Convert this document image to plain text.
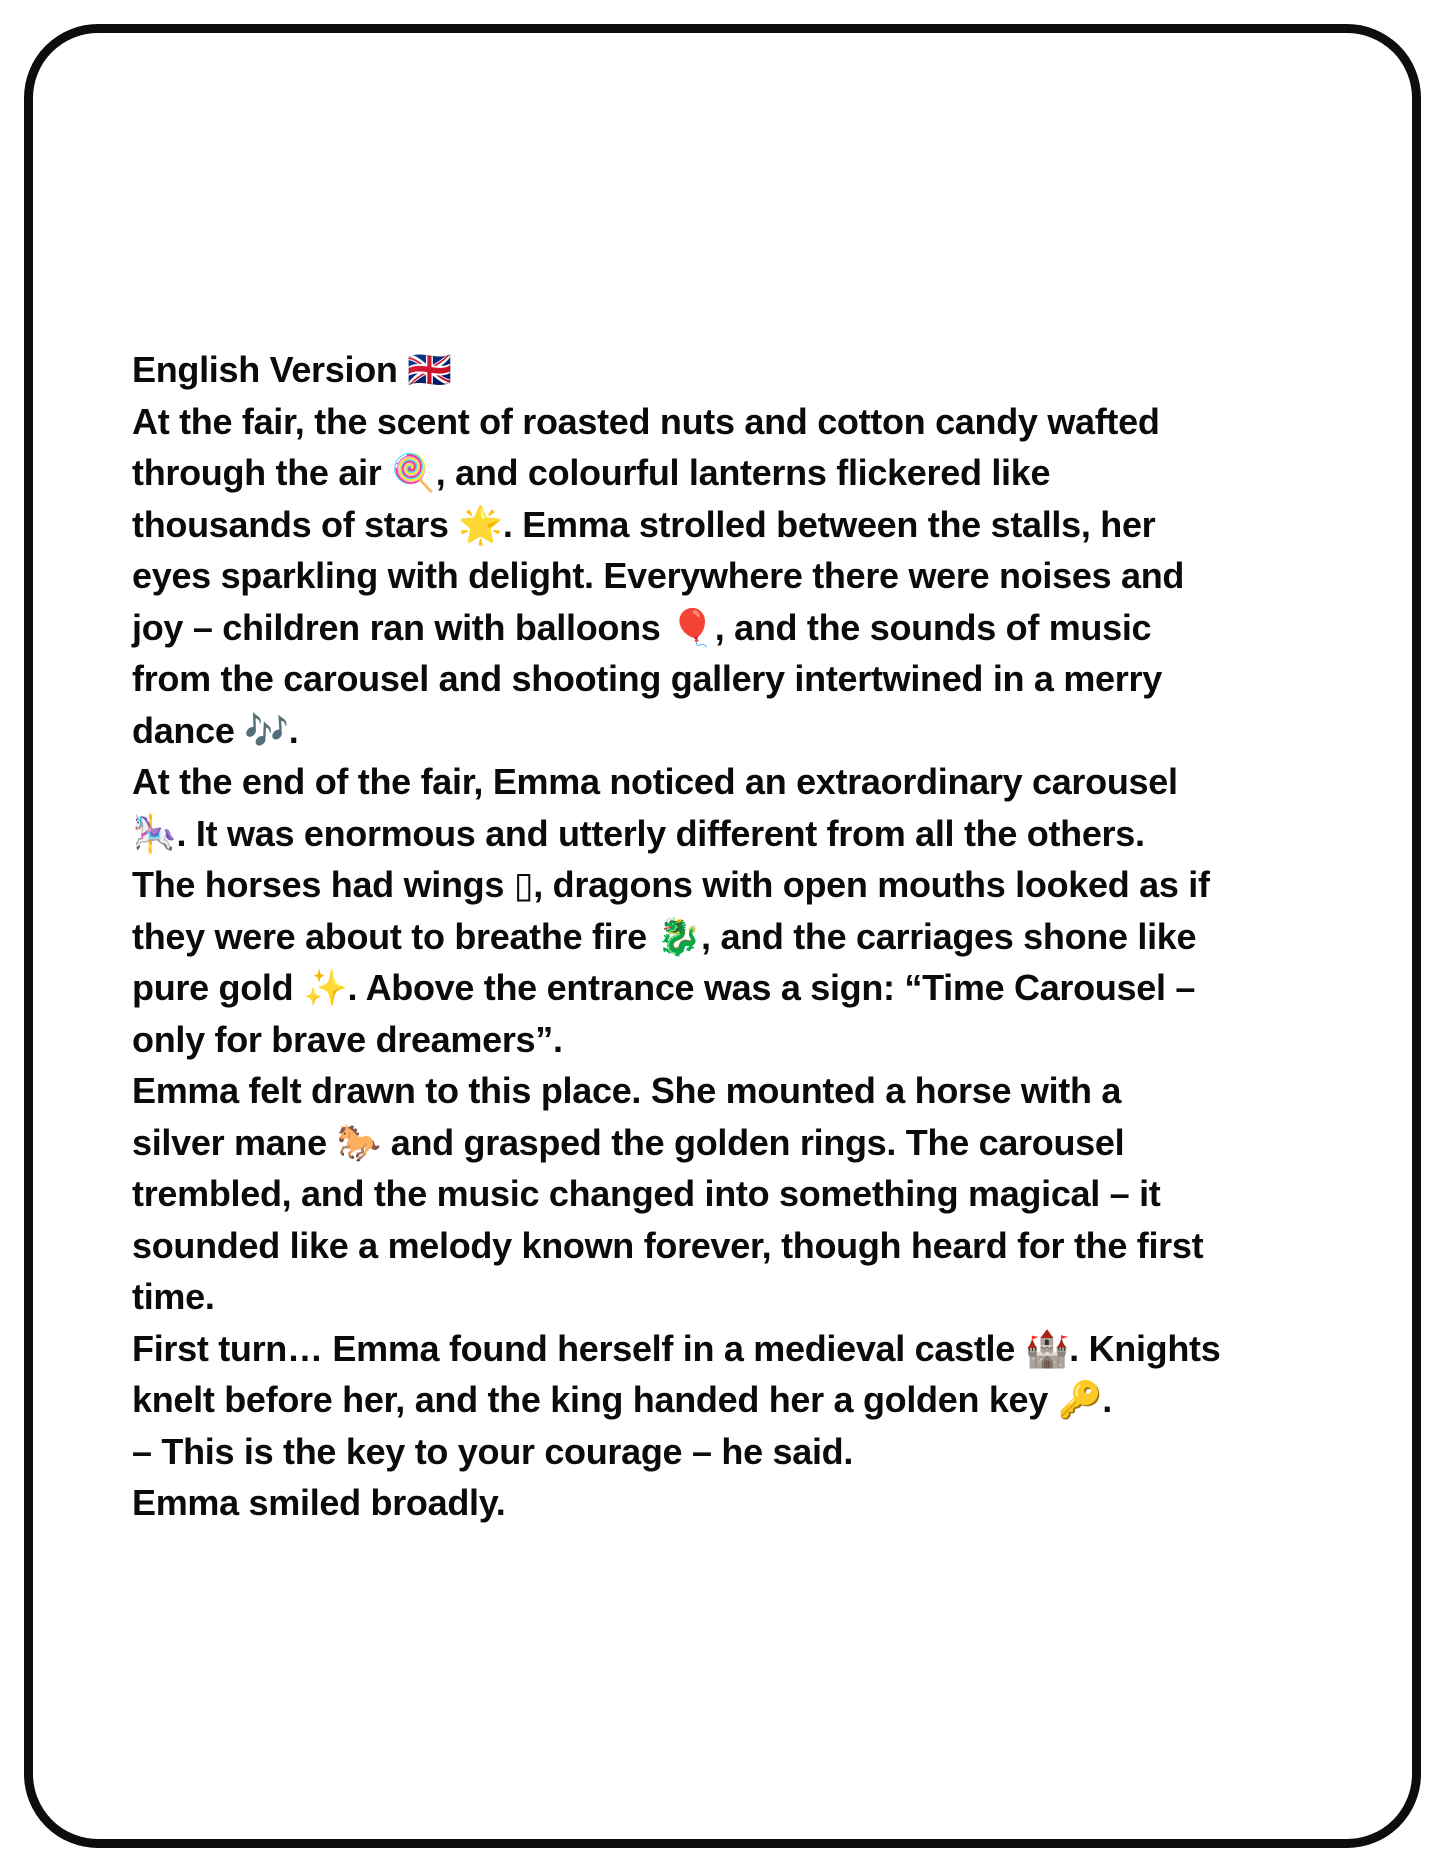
English Version 🇬🇧
At the fair, the scent of roasted nuts and cotton candy wafted
through the air 🍭, and colourful lanterns flickered like
thousands of stars 🌟. Emma strolled between the stalls, her
eyes sparkling with delight. Everywhere there were noises and
joy – children ran with balloons 🎈, and the sounds of music
from the carousel and shooting gallery intertwined in a merry
dance 🎶.
At the end of the fair, Emma noticed an extraordinary carousel
🎠. It was enormous and utterly different from all the others.
The horses had wings ▯, dragons with open mouths looked as if
they were about to breathe fire 🐉, and the carriages shone like
pure gold ✨. Above the entrance was a sign: “Time Carousel –
only for brave dreamers”.
Emma felt drawn to this place. She mounted a horse with a
silver mane 🐎 and grasped the golden rings. The carousel
trembled, and the music changed into something magical – it
sounded like a melody known forever, though heard for the first
time.
First turn… Emma found herself in a medieval castle 🏰. Knights
knelt before her, and the king handed her a golden key 🔑.
– This is the key to your courage – he said.
Emma smiled broadly.
